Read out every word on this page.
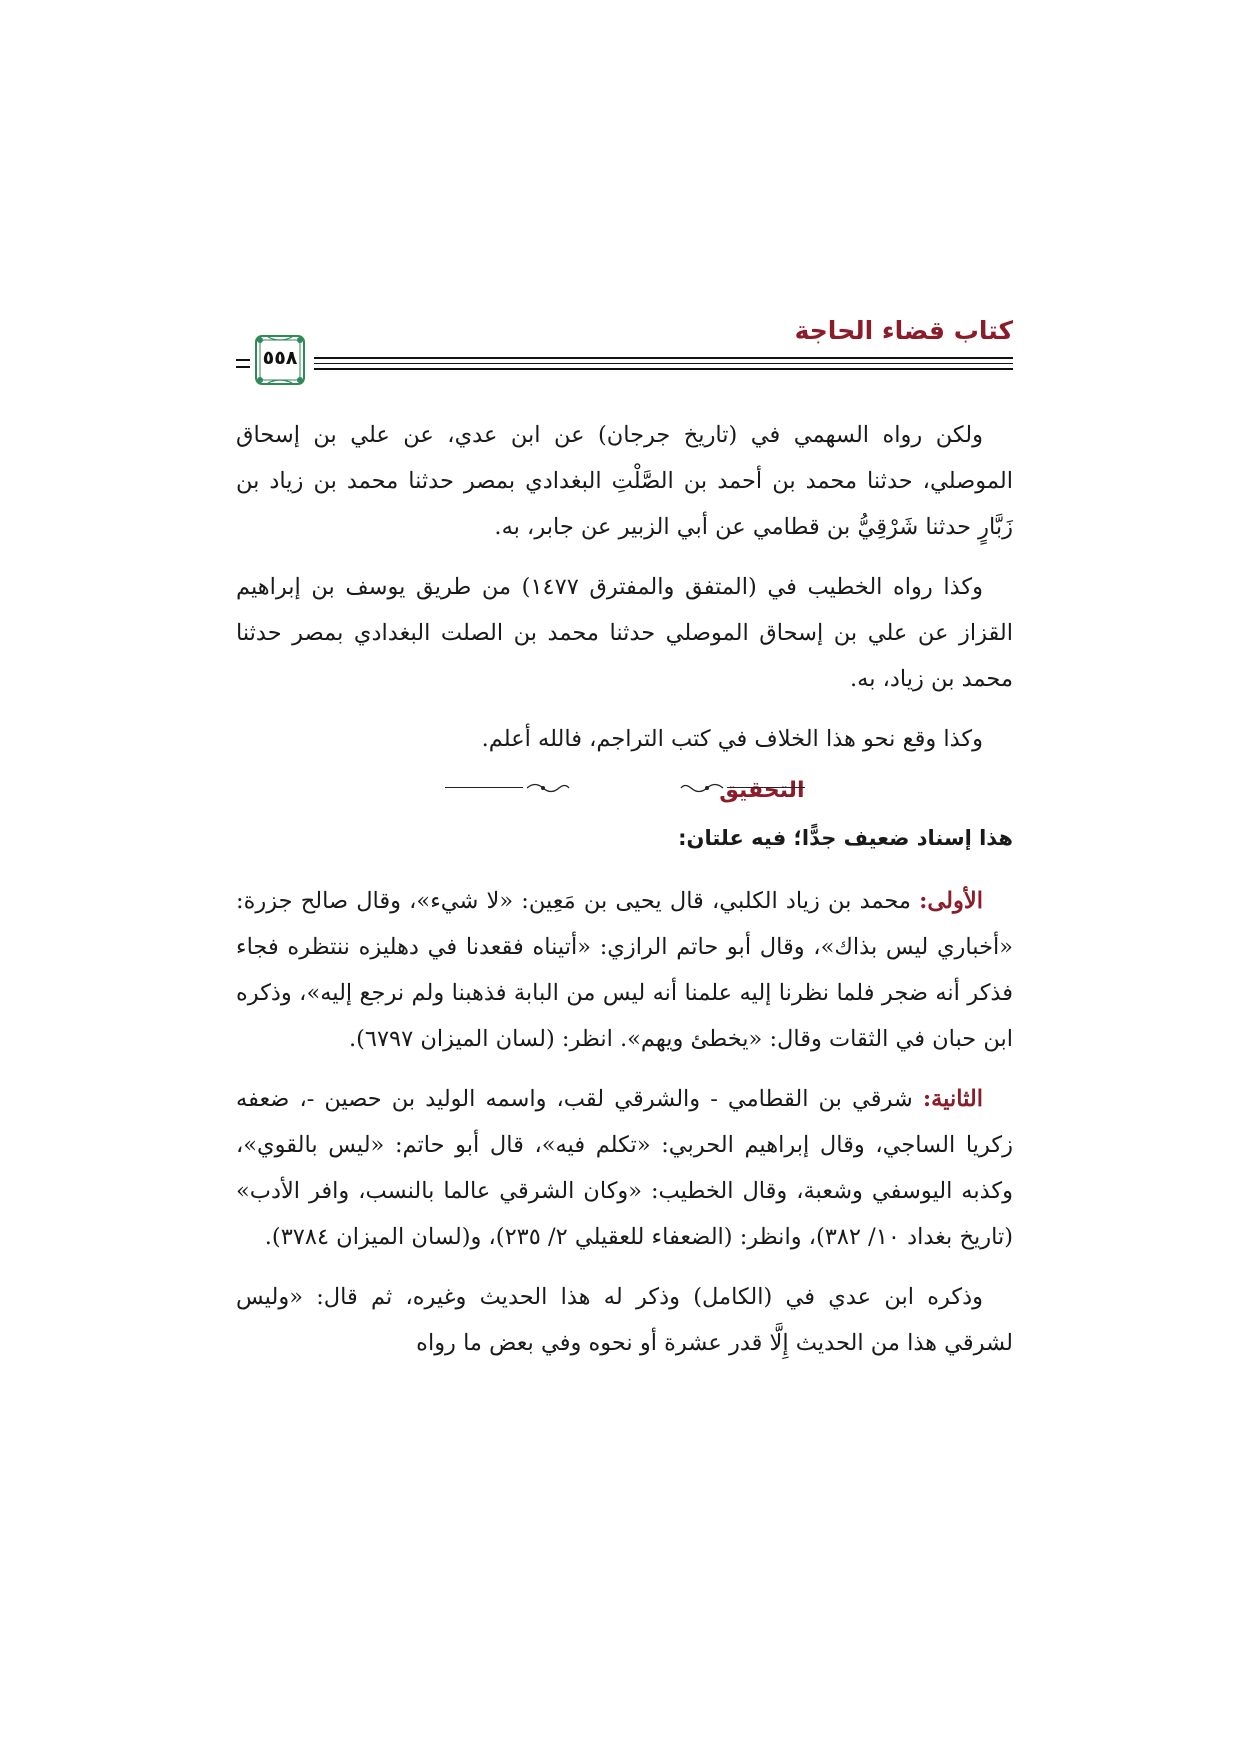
كتاب قضاء الحاجة
٥٥٨

ولكن رواه السهمي في (تاريخ جرجان) عن ابن عدي، عن علي بن إسحاق الموصلي، حدثنا محمد بن أحمد بن الصَّلْتِ البغدادي بمصر حدثنا محمد بن زياد بن زَبَّارٍ حدثنا شَرْقِيُّ بن قطامي عن أبي الزبير عن جابر، به.

وكذا رواه الخطيب في (المتفق والمفترق ١٤٧٧) من طريق يوسف بن إبراهيم القزاز عن علي بن إسحاق الموصلي حدثنا محمد بن الصلت البغدادي بمصر حدثنا محمد بن زياد، به.

وكذا وقع نحو هذا الخلاف في كتب التراجم، فالله أعلم.

التحقيق

هذا إسناد ضعيف جدًّا؛ فيه علتان:

الأولى: محمد بن زياد الكلبي، قال يحيى بن مَعِين: «لا شيء»، وقال صالح جزرة: «أخباري ليس بذاك»، وقال أبو حاتم الرازي: «أتيناه فقعدنا في دهليزه ننتظره فجاء فذكر أنه ضجر فلما نظرنا إليه علمنا أنه ليس من البابة فذهبنا ولم نرجع إليه»، وذكره ابن حبان في الثقات وقال: «يخطئ ويهم». انظر: (لسان الميزان ٦٧٩٧).

الثانية: شرقي بن القطامي - والشرقي لقب، واسمه الوليد بن حصين -، ضعفه زكريا الساجي، وقال إبراهيم الحربي: «تكلم فيه»، قال أبو حاتم: «ليس بالقوي»، وكذبه اليوسفي وشعبة، وقال الخطيب: «وكان الشرقي عالما بالنسب، وافر الأدب» (تاريخ بغداد ١٠/ ٣٨٢)، وانظر: (الضعفاء للعقيلي ٢/ ٢٣٥)، و(لسان الميزان ٣٧٨٤).

وذكره ابن عدي في (الكامل) وذكر له هذا الحديث وغيره، ثم قال: «وليس لشرقي هذا من الحديث إِلَّا قدر عشرة أو نحوه وفي بعض ما رواه
